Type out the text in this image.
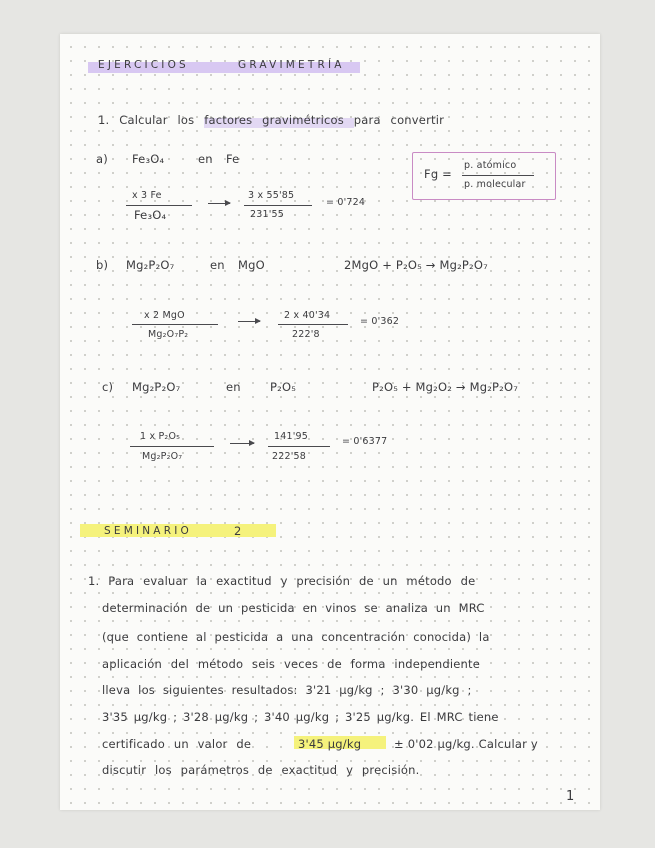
EJERCICIOS	GRAVIMETRÍA
1. Calcular los factores gravimétricos para convertir
Fg =
p. atómico
p. molecular
a) Fe₃O₄	en Fe
x 3 Fe
Fe₃O₄
3 x 55'85
231'55
= 0'724
b) Mg₂P₂O₇	en MgO	2MgO + P₂O₅ → Mg₂P₂O₇
x 2 MgO
Mg₂O₇P₂
2 x 40'34
222'8
= 0'362
c) Mg₂P₂O₇	en	P₂O₅	P₂O₅ + Mg₂O₂ → Mg₂P₂O₇
1 x P₂O₅
Mg₂P₂O₇
141'95
222'58
= 0'6377
SEMINARIO	2
1. Para evaluar la exactitud y precisión de un método de
determinación de un pesticida en vinos se analiza un MRC
(que contiene al pesticida a una concentración conocida) la
aplicación del método seis veces de forma independiente
lleva los siguientes resultados: 3'21 µg/kg ; 3'30 µg/kg ;
3'35 µg/kg ; 3'28 µg/kg ; 3'40 µg/kg ; 3'25 µg/kg. El MRC tiene
certificado un valor de	3'45 µg/kg	± 0'02 µg/kg. Calcular y
discutir los parámetros de exactitud y precisión.
1
